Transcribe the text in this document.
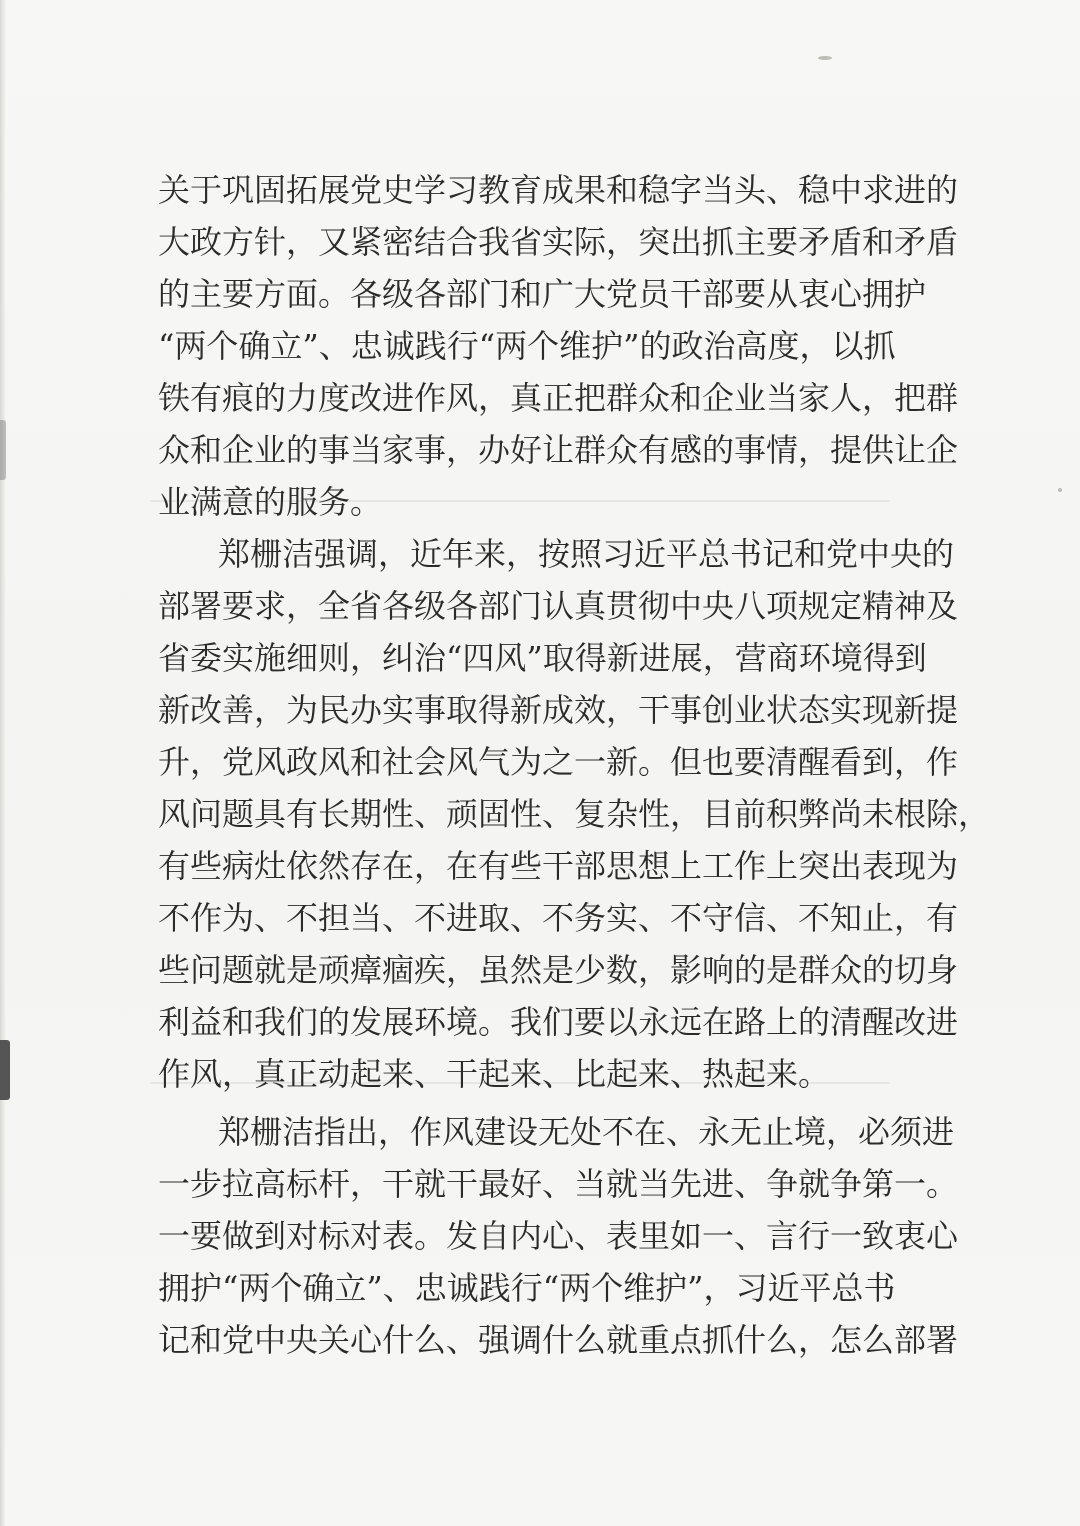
关于巩固拓展党史学习教育成果和稳字当头、稳中求进的
大政方针，又紧密结合我省实际，突出抓主要矛盾和矛盾
的主要方面。各级各部门和广大党员干部要从衷心拥护
“两个确立”、忠诚践行“两个维护”的政治高度，以抓
铁有痕的力度改进作风，真正把群众和企业当家人，把群
众和企业的事当家事，办好让群众有感的事情，提供让企
业满意的服务。
郑栅洁强调，近年来，按照习近平总书记和党中央的
部署要求，全省各级各部门认真贯彻中央八项规定精神及
省委实施细则，纠治“四风”取得新进展，营商环境得到
新改善，为民办实事取得新成效，干事创业状态实现新提
升，党风政风和社会风气为之一新。但也要清醒看到，作
风问题具有长期性、顽固性、复杂性，目前积弊尚未根除，
有些病灶依然存在，在有些干部思想上工作上突出表现为
不作为、不担当、不进取、不务实、不守信、不知止，有
些问题就是顽瘴痼疾，虽然是少数，影响的是群众的切身
利益和我们的发展环境。我们要以永远在路上的清醒改进
作风，真正动起来、干起来、比起来、热起来。
郑栅洁指出，作风建设无处不在、永无止境，必须进
一步拉高标杆，干就干最好、当就当先进、争就争第一。
一要做到对标对表。发自内心、表里如一、言行一致衷心
拥护“两个确立”、忠诚践行“两个维护”，习近平总书
记和党中央关心什么、强调什么就重点抓什么，怎么部署
